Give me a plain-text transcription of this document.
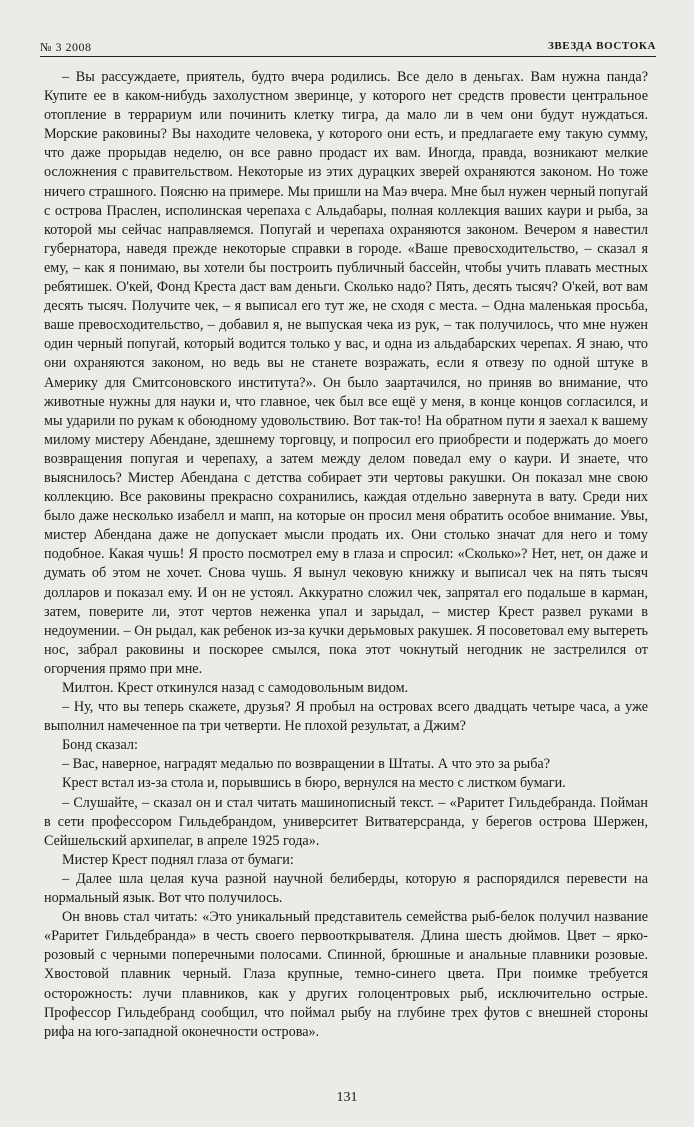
№ 3 2008	ЗВЕЗДА ВОСТОКА

– Вы рассуждаете, приятель, будто вчера родились. Все дело в деньгах. Вам нужна панда? Купите ее в каком-нибудь захолустном зверинце, у которого нет средств провести центральное отопление в террариум или починить клетку тигра, да мало ли в чем они будут нуждаться. Морские раковины? Вы находите человека, у которого они есть, и предлагаете ему такую сумму, что даже прорыдав неделю, он все равно продаст их вам. Иногда, правда, возникают мелкие осложнения с правительством. Некоторые из этих дурацких зверей охраняются законом. Но тоже ничего страшного. Поясню на примере. Мы пришли на Маэ вчера. Мне был нужен черный попугай с острова Праслен, исполинская черепаха с Альдабары, полная коллекция ваших каури и рыба, за которой мы сейчас направляемся. Попугай и черепаха охраняются законом. Вечером я навестил губернатора, наведя прежде некоторые справки в городе. «Ваше превосходительство, – сказал я ему, – как я понимаю, вы хотели бы построить публичный бассейн, чтобы учить плавать местных ребятишек. О'кей, Фонд Креста даст вам деньги. Сколько надо? Пять, десять тысяч? О'кей, вот вам десять тысяч. Получите чек, – я выписал его тут же, не сходя с места. – Одна маленькая просьба, ваше превосходительство, – добавил я, не выпуская чека из рук, – так получилось, что мне нужен один черный попугай, который водится только у вас, и одна из альдабарских черепах. Я знаю, что они охраняются законом, но ведь вы не станете возражать, если я отвезу по одной штуке в Америку для Смитсоновского института?». Он было заартачился, но приняв во внимание, что животные нужны для науки и, что главное, чек был все ещё у меня, в конце концов согласился, и мы ударили по рукам к обоюдному удовольствию. Вот так-то! На обратном пути я заехал к вашему милому мистеру Абендане, здешнему торговцу, и попросил его приобрести и подержать до моего возвращения попугая и черепаху, а затем между делом поведал ему о каури. И знаете, что выяснилось? Мистер Абендана с детства собирает эти чертовы ракушки. Он показал мне свою коллекцию. Все раковины прекрасно сохранились, каждая отдельно завернута в вату. Среди них было даже несколько изабелл и мапп, на которые он просил меня обратить особое внимание. Увы, мистер Абендана даже не допускает мысли продать их. Они столько значат для него и тому подобное. Какая чушь! Я просто посмотрел ему в глаза и спросил: «Сколько»? Нет, нет, он даже и думать об этом не хочет. Снова чушь. Я вынул чековую книжку и выписал чек на пять тысяч долларов и показал ему. И он не устоял. Аккуратно сложил чек, запрятал его подальше в карман, затем, поверите ли, этот чертов неженка упал и зарыдал, – мистер Крест развел руками в недоумении. – Он рыдал, как ребенок из-за кучки дерьмовых ракушек. Я посоветовал ему вытереть нос, забрал раковины и поскорее смылся, пока этот чокнутый негодник не застрелился от огорчения прямо при мне.

Милтон. Крест откинулся назад с самодовольным видом.

– Ну, что вы теперь скажете, друзья? Я пробыл на островах всего двадцать четыре часа, а уже выполнил намеченное па три четверти. Не плохой результат, а Джим?

Бонд сказал:

– Вас, наверное, наградят медалью по возвращении в Штаты. А что это за рыба?

Крест встал из-за стола и, порывшись в бюро, вернулся на место с листком бумаги.

– Слушайте, – сказал он и стал читать машинописный текст. – «Раритет Гильдебранда. Пойман в сети профессором Гильдебрандом, университет Витватерсранда, у берегов острова Шержен, Сейшельский архипелаг, в апреле 1925 года».

Мистер Крест поднял глаза от бумаги:

– Далее шла целая куча разной научной белиберды, которую я распорядился перевести на нормальный язык. Вот что получилось.

Он вновь стал читать: «Это уникальный представитель семейства рыб-белок получил название «Раритет Гильдебранда» в честь своего первооткрывателя. Длина шесть дюймов. Цвет – ярко-розовый с черными поперечными полосами. Спинной, брюшные и анальные плавники розовые. Хвостовой плавник черный. Глаза крупные, темно-синего цвета. При поимке требуется осторожность: лучи плавников, как у других голоцентровых рыб, исключительно острые. Профессор Гильдебранд сообщил, что поймал рыбу на глубине трех футов с внешней стороны рифа на юго-западной оконечности острова».

131
